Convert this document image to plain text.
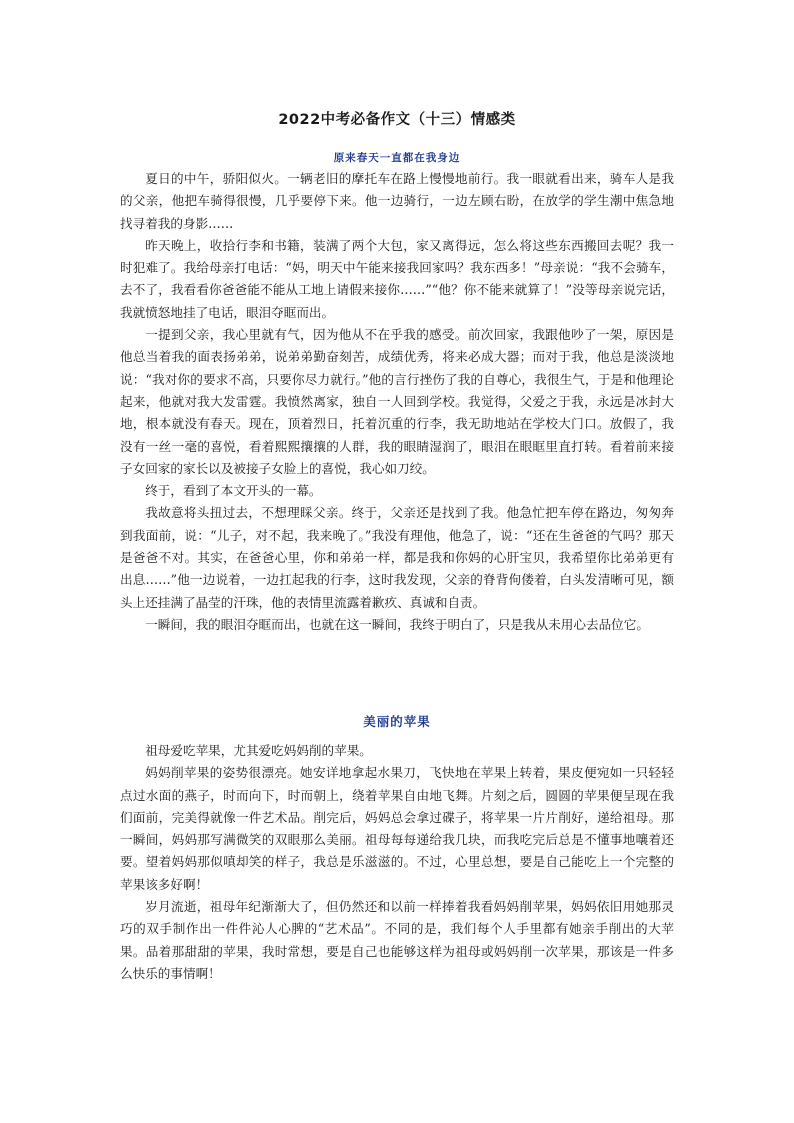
2022中考必备作文（十三）情感类
原来春天一直都在我身边

夏日的中午，骄阳似火。一辆老旧的摩托车在路上慢慢地前行。我一眼就看出来，骑车人是我的父亲，他把车骑得很慢，几乎要停下来。他一边骑行，一边左顾右盼，在放学的学生潮中焦急地找寻着我的身影……

昨天晚上，收拾行李和书籍，装满了两个大包，家又离得远，怎么将这些东西搬回去呢？我一时犯难了。我给母亲打电话：“妈，明天中午能来接我回家吗？我东西多！”母亲说：“我不会骑车，去不了，我看看你爸爸能不能从工地上请假来接你……”“他？你不能来就算了！”没等母亲说完话，我就愤怒地挂了电话，眼泪夺眶而出。

一提到父亲，我心里就有气，因为他从不在乎我的感受。前次回家，我跟他吵了一架，原因是他总当着我的面表扬弟弟，说弟弟勤奋刻苦，成绩优秀，将来必成大器；而对于我，他总是淡淡地说：“我对你的要求不高，只要你尽力就行。”他的言行挫伤了我的自尊心，我很生气，于是和他理论起来，他就对我大发雷霆。我愤然离家，独自一人回到学校。我觉得，父爱之于我，永远是冰封大地，根本就没有春天。现在，顶着烈日，托着沉重的行李，我无助地站在学校大门口。放假了，我没有一丝一毫的喜悦，看着熙熙攘攘的人群，我的眼睛湿润了，眼泪在眼眶里直打转。看着前来接子女回家的家长以及被接子女脸上的喜悦，我心如刀绞。

终于，看到了本文开头的一幕。

我故意将头扭过去，不想理睬父亲。终于，父亲还是找到了我。他急忙把车停在路边，匆匆奔到我面前，说：“儿子，对不起，我来晚了。”我没有理他，他急了，说：“还在生爸爸的气吗？那天是爸爸不对。其实，在爸爸心里，你和弟弟一样，都是我和你妈的心肝宝贝，我希望你比弟弟更有出息……”他一边说着，一边扛起我的行李，这时我发现，父亲的脊背佝偻着，白头发清晰可见，额头上还挂满了晶莹的汗珠，他的表情里流露着歉疚、真诚和自责。

一瞬间，我的眼泪夺眶而出，也就在这一瞬间，我终于明白了，只是我从未用心去品位它。

美丽的苹果

祖母爱吃苹果，尤其爱吃妈妈削的苹果。

妈妈削苹果的姿势很漂亮。她安详地拿起水果刀，飞快地在苹果上转着，果皮便宛如一只轻轻点过水面的燕子，时而向下，时而朝上，绕着苹果自由地飞舞。片刻之后，圆圆的苹果便呈现在我们面前，完美得就像一件艺术品。削完后，妈妈总会拿过碟子，将苹果一片片削好，递给祖母。那一瞬间，妈妈那写满微笑的双眼那么美丽。祖母每每递给我几块，而我吃完后总是不懂事地嚷着还要。望着妈妈那似嗔却笑的样子，我总是乐滋滋的。不过，心里总想，要是自己能吃上一个完整的苹果该多好啊！

岁月流逝，祖母年纪渐渐大了，但仍然还和以前一样捧着我看妈妈削苹果，妈妈依旧用她那灵巧的双手制作出一件件沁人心脾的“艺术品”。不同的是，我们每个人手里都有她亲手削出的大苹果。品着那甜甜的苹果，我时常想，要是自己也能够这样为祖母或妈妈削一次苹果，那该是一件多么快乐的事情啊！
